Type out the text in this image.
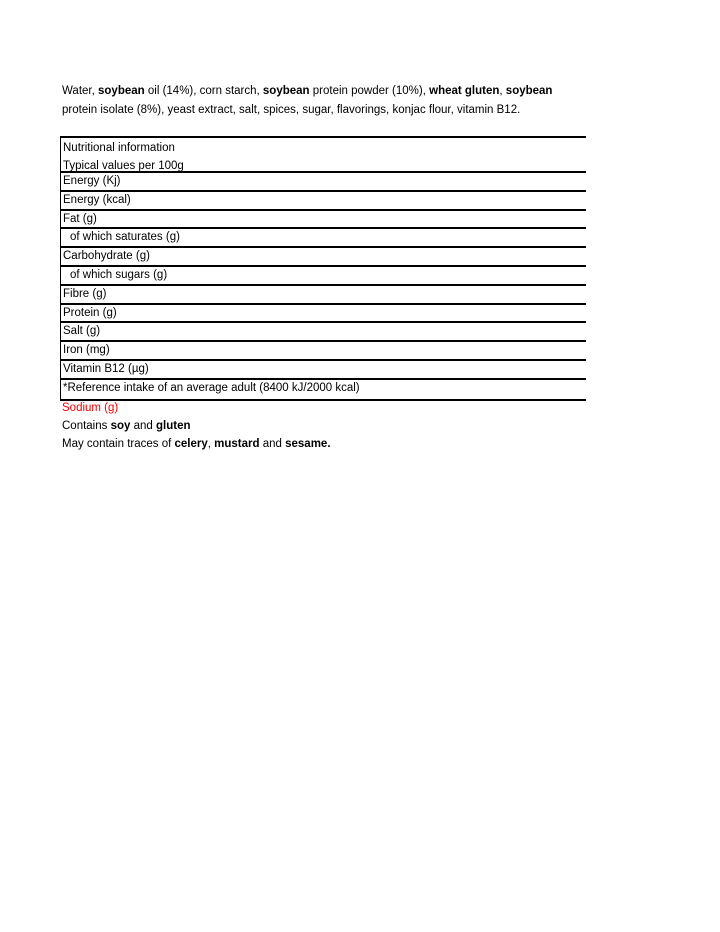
Water, soybean oil (14%), corn starch, soybean protein powder (10%), wheat gluten, soybean protein isolate (8%), yeast extract, salt, spices, sugar, flavorings, konjac flour, vitamin B12.
Nutritional information
Typical values per 100g
Energy (Kj)
Energy (kcal)
Fat (g)
of which saturates (g)
Carbohydrate (g)
of which sugars (g)
Fibre (g)
Protein (g)
Salt (g)
Iron (mg)
Vitamin B12 (µg)
*Reference intake of an average adult (8400 kJ/2000 kcal)
Sodium (g)
Contains soy and gluten
May contain traces of celery, mustard and sesame.
